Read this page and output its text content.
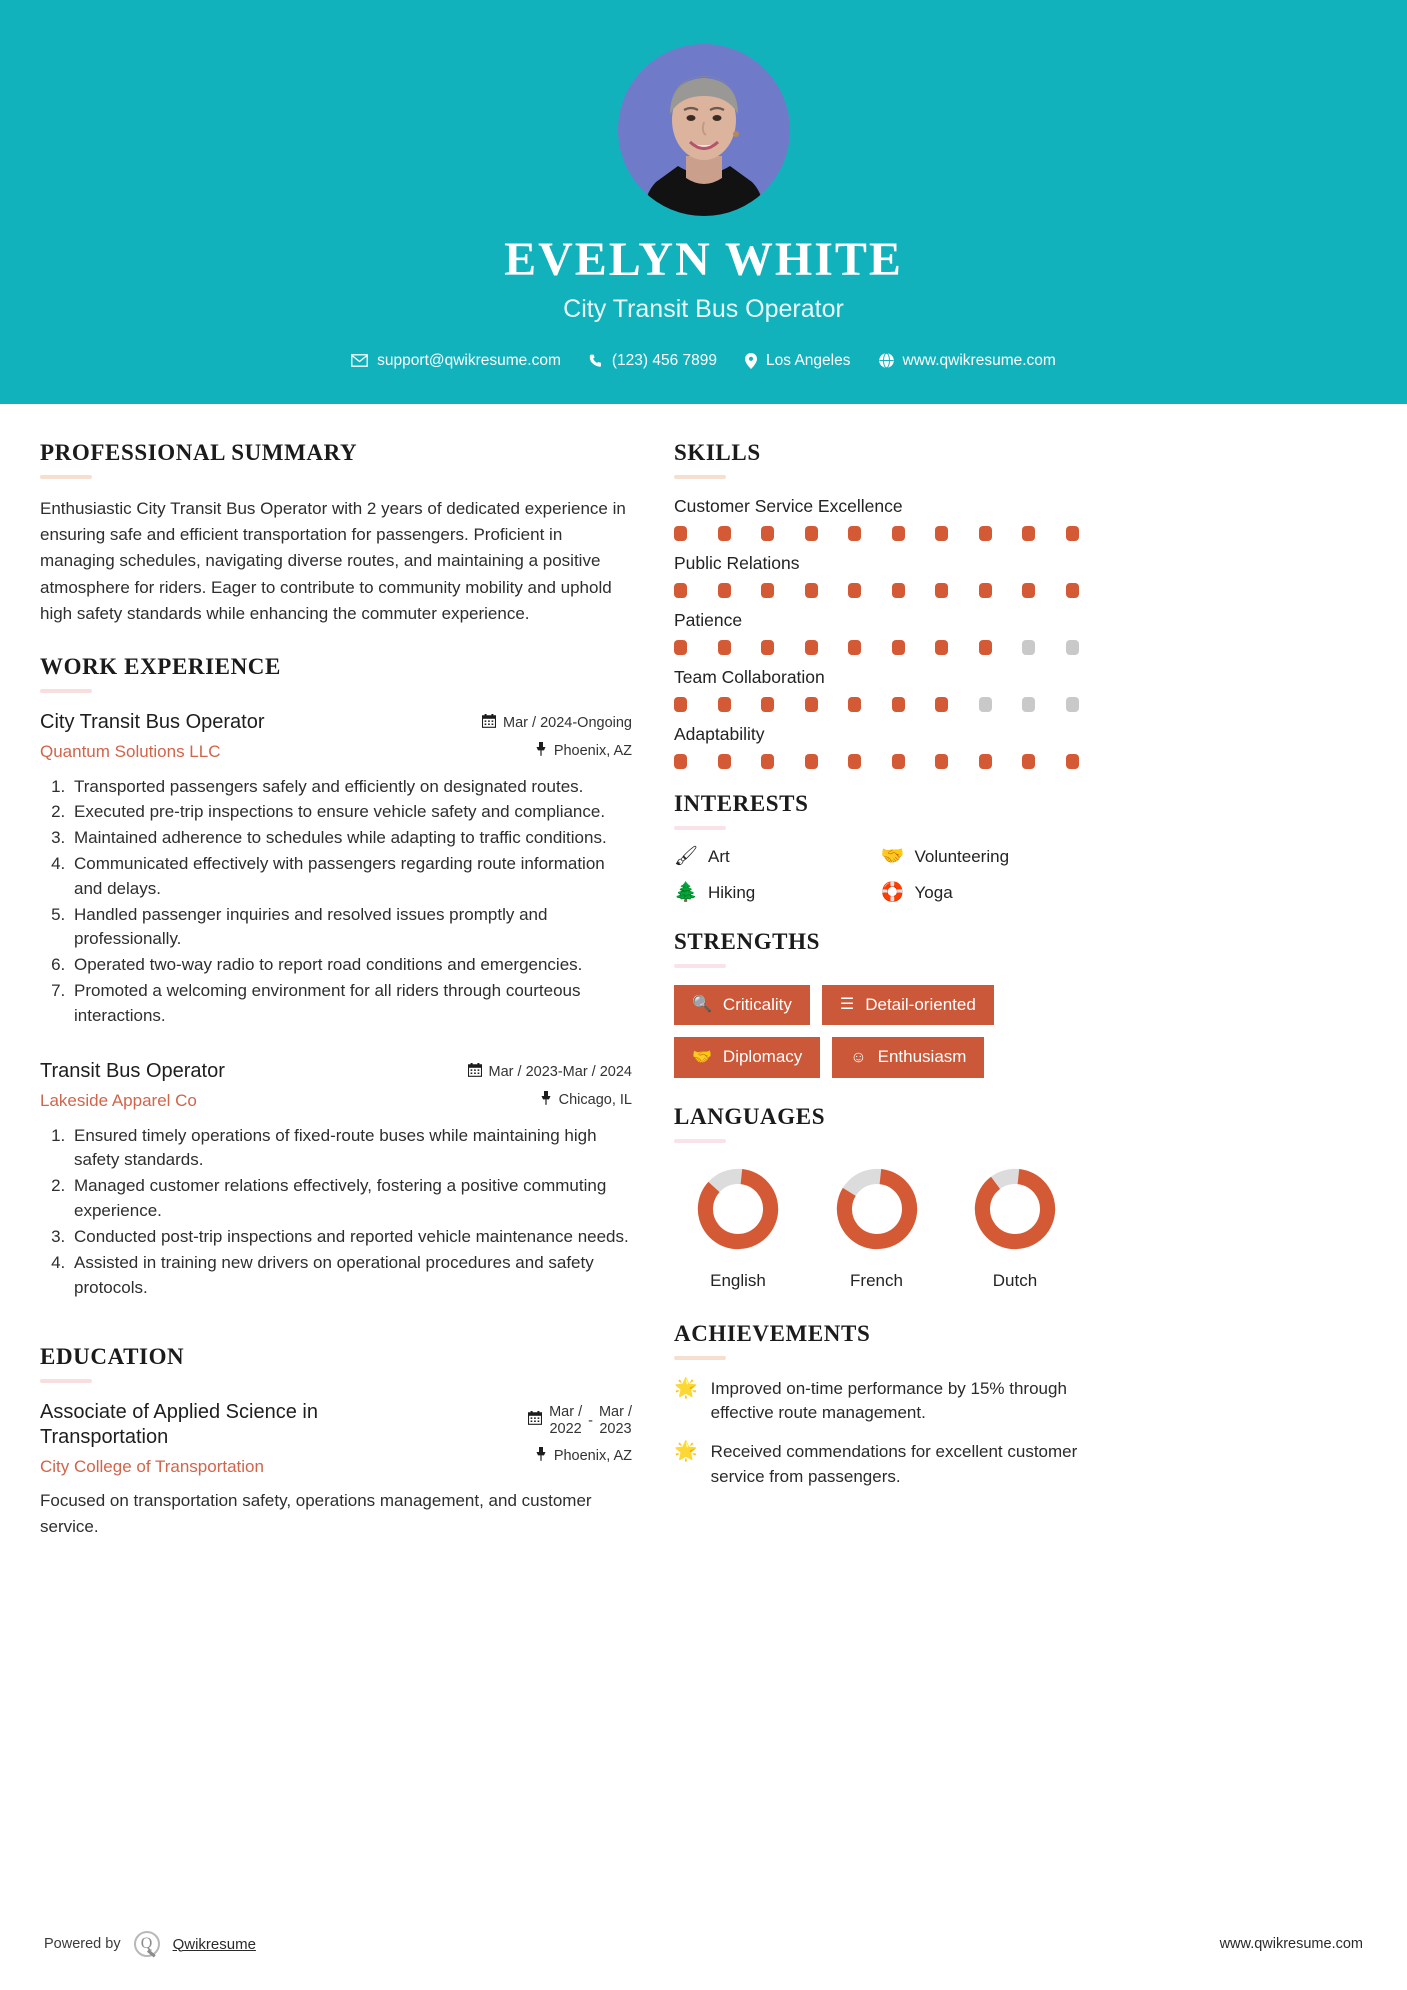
EVELYN WHITE
City Transit Bus Operator
support@qwikresume.com	(123) 456 7899	Los Angeles	www.qwikresume.com
PROFESSIONAL SUMMARY
Enthusiastic City Transit Bus Operator with 2 years of dedicated experience in ensuring safe and efficient transportation for passengers. Proficient in managing schedules, navigating diverse routes, and maintaining a positive atmosphere for riders. Eager to contribute to community mobility and uphold high safety standards while enhancing the commuter experience.
WORK EXPERIENCE
City Transit Bus Operator
Quantum Solutions LLC
Mar / 2024-Ongoing
Phoenix, AZ
1. Transported passengers safely and efficiently on designated routes.
2. Executed pre-trip inspections to ensure vehicle safety and compliance.
3. Maintained adherence to schedules while adapting to traffic conditions.
4. Communicated effectively with passengers regarding route information and delays.
5. Handled passenger inquiries and resolved issues promptly and professionally.
6. Operated two-way radio to report road conditions and emergencies.
7. Promoted a welcoming environment for all riders through courteous interactions.
Transit Bus Operator
Lakeside Apparel Co
Mar / 2023-Mar / 2024
Chicago, IL
1. Ensured timely operations of fixed-route buses while maintaining high safety standards.
2. Managed customer relations effectively, fostering a positive commuting experience.
3. Conducted post-trip inspections and reported vehicle maintenance needs.
4. Assisted in training new drivers on operational procedures and safety protocols.
EDUCATION
Associate of Applied Science in Transportation
City College of Transportation
Mar /
2022
-
Mar /
2023
Phoenix, AZ
Focused on transportation safety, operations management, and customer service.
SKILLS
Customer Service Excellence
Public Relations
Patience
Team Collaboration
Adaptability
INTERESTS
🖌 Art	🤝 Volunteering
🌲 Hiking	🛟 Yoga
STRENGTHS
🔍 Criticality	☰ Detail-oriented
🤝 Diplomacy	☺ Enthusiasm
LANGUAGES
English	French	Dutch
ACHIEVEMENTS
🌟 Improved on-time performance by 15% through effective route management.
🌟 Received commendations for excellent customer service from passengers.
Powered by	Q	Qwikresume	www.qwikresume.com
